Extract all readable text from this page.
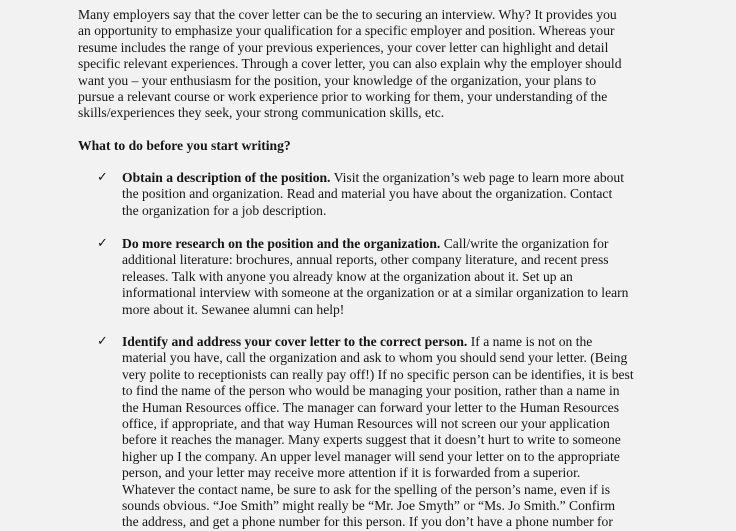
Many employers say that the cover letter can be the to securing an interview. Why? It provides you
an opportunity to emphasize your qualification for a specific employer and position. Whereas your
resume includes the range of your previous experiences, your cover letter can highlight and detail
specific relevant experiences. Through a cover letter, you can also explain why the employer should
want you – your enthusiasm for the position, your knowledge of the organization, your plans to
pursue a relevant course or work experience prior to working for them, your understanding of the
skills/experiences they seek, your strong communication skills, etc.

What to do before you start writing?

✓ Obtain a description of the position. Visit the organization’s web page to learn more about
the position and organization. Read and material you have about the organization. Contact
the organization for a job description.
✓ Do more research on the position and the organization. Call/write the organization for
additional literature: brochures, annual reports, other company literature, and recent press
releases. Talk with anyone you already know at the organization about it. Set up an
informational interview with someone at the organization or at a similar organization to learn
more about it. Sewanee alumni can help!
✓ Identify and address your cover letter to the correct person. If a name is not on the
material you have, call the organization and ask to whom you should send your letter. (Being
very polite to receptionists can really pay off!) If no specific person can be identifies, it is best
to find the name of the person who would be managing your position, rather than a name in
the Human Resources office. The manager can forward your letter to the Human Resources
office, if appropriate, and that way Human Resources will not screen our your application
before it reaches the manager. Many experts suggest that it doesn’t hurt to write to someone
higher up I the company. An upper level manager will send your letter on to the appropriate
person, and your letter may receive more attention if it is forwarded from a superior.
Whatever the contact name, be sure to ask for the spelling of the person’s name, even if is
sounds obvious. “Joe Smith” might really be “Mr. Joe Smyth” or “Ms. Jo Smith.” Confirm
the address, and get a phone number for this person. If you don’t have a phone number for
